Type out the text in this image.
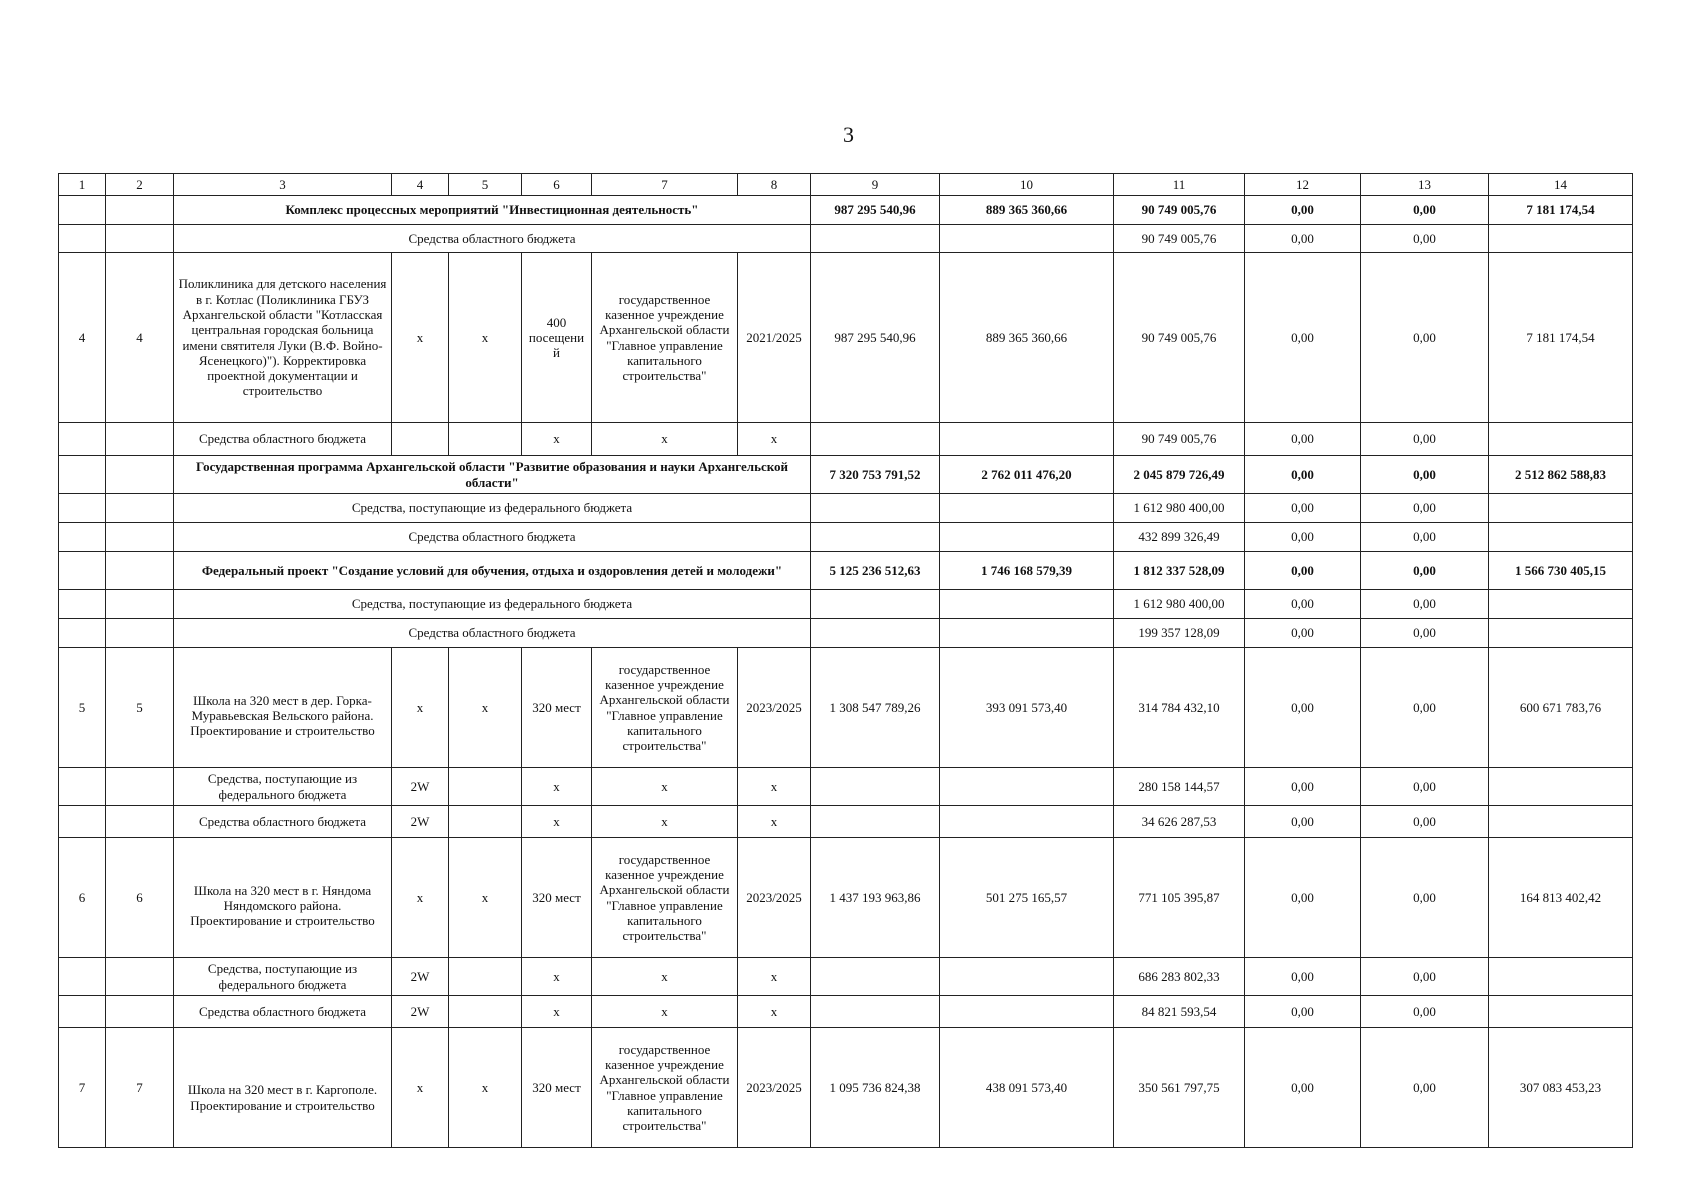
3
1	2	3	4	5	6	7	8	9	10	11	12	13	14
		Комплекс процессных мероприятий "Инвестиционная деятельность"						987 295 540,96	889 365 360,66	90 749 005,76	0,00	0,00	7 181 174,54
		Средства областного бюджета								90 749 005,76	0,00	0,00	
4	4	Поликлиника для детского населения в г. Котлас (Поликлиника ГБУЗ Архангельской области "Котласская центральная городская больница имени святителя Луки (В.Ф. Войно-Ясенецкого)"). Корректировка проектной документации и строительство	x	x	400 посещени й	государственное казенное учреждение Архангельской области "Главное управление капитального строительства"	2021/2025	987 295 540,96	889 365 360,66	90 749 005,76	0,00	0,00	7 181 174,54
		Средства областного бюджета			x	x	x			90 749 005,76	0,00	0,00	
		Государственная программа Архангельской области "Развитие образования и науки Архангельской области"						7 320 753 791,52	2 762 011 476,20	2 045 879 726,49	0,00	0,00	2 512 862 588,83
		Средства, поступающие из федерального бюджета								1 612 980 400,00	0,00	0,00	
		Средства областного бюджета								432 899 326,49	0,00	0,00	
		Федеральный проект "Создание условий для обучения, отдыха и оздоровления детей и молодежи"						5 125 236 512,63	1 746 168 579,39	1 812 337 528,09	0,00	0,00	1 566 730 405,15
		Средства, поступающие из федерального бюджета								1 612 980 400,00	0,00	0,00	
		Средства областного бюджета								199 357 128,09	0,00	0,00	
5	5	Школа на 320 мест в дер. Горка-Муравьевская Вельского района. Проектирование и строительство	x	x	320 мест	государственное казенное учреждение Архангельской области "Главное управление капитального строительства"	2023/2025	1 308 547 789,26	393 091 573,40	314 784 432,10	0,00	0,00	600 671 783,76
		Средства, поступающие из федерального бюджета	2W		x	x	x			280 158 144,57	0,00	0,00	
		Средства областного бюджета	2W		x	x	x			34 626 287,53	0,00	0,00	
6	6	Школа на 320 мест в г. Няндома Няндомского района. Проектирование и строительство	x	x	320 мест	государственное казенное учреждение Архангельской области "Главное управление капитального строительства"	2023/2025	1 437 193 963,86	501 275 165,57	771 105 395,87	0,00	0,00	164 813 402,42
		Средства, поступающие из федерального бюджета	2W		x	x	x			686 283 802,33	0,00	0,00	
		Средства областного бюджета	2W		x	x	x			84 821 593,54	0,00	0,00	
7	7	Школа на 320 мест в г. Каргополе. Проектирование и строительство	x	x	320 мест	государственное казенное учреждение Архангельской области "Главное управление капитального строительства"	2023/2025	1 095 736 824,38	438 091 573,40	350 561 797,75	0,00	0,00	307 083 453,23
